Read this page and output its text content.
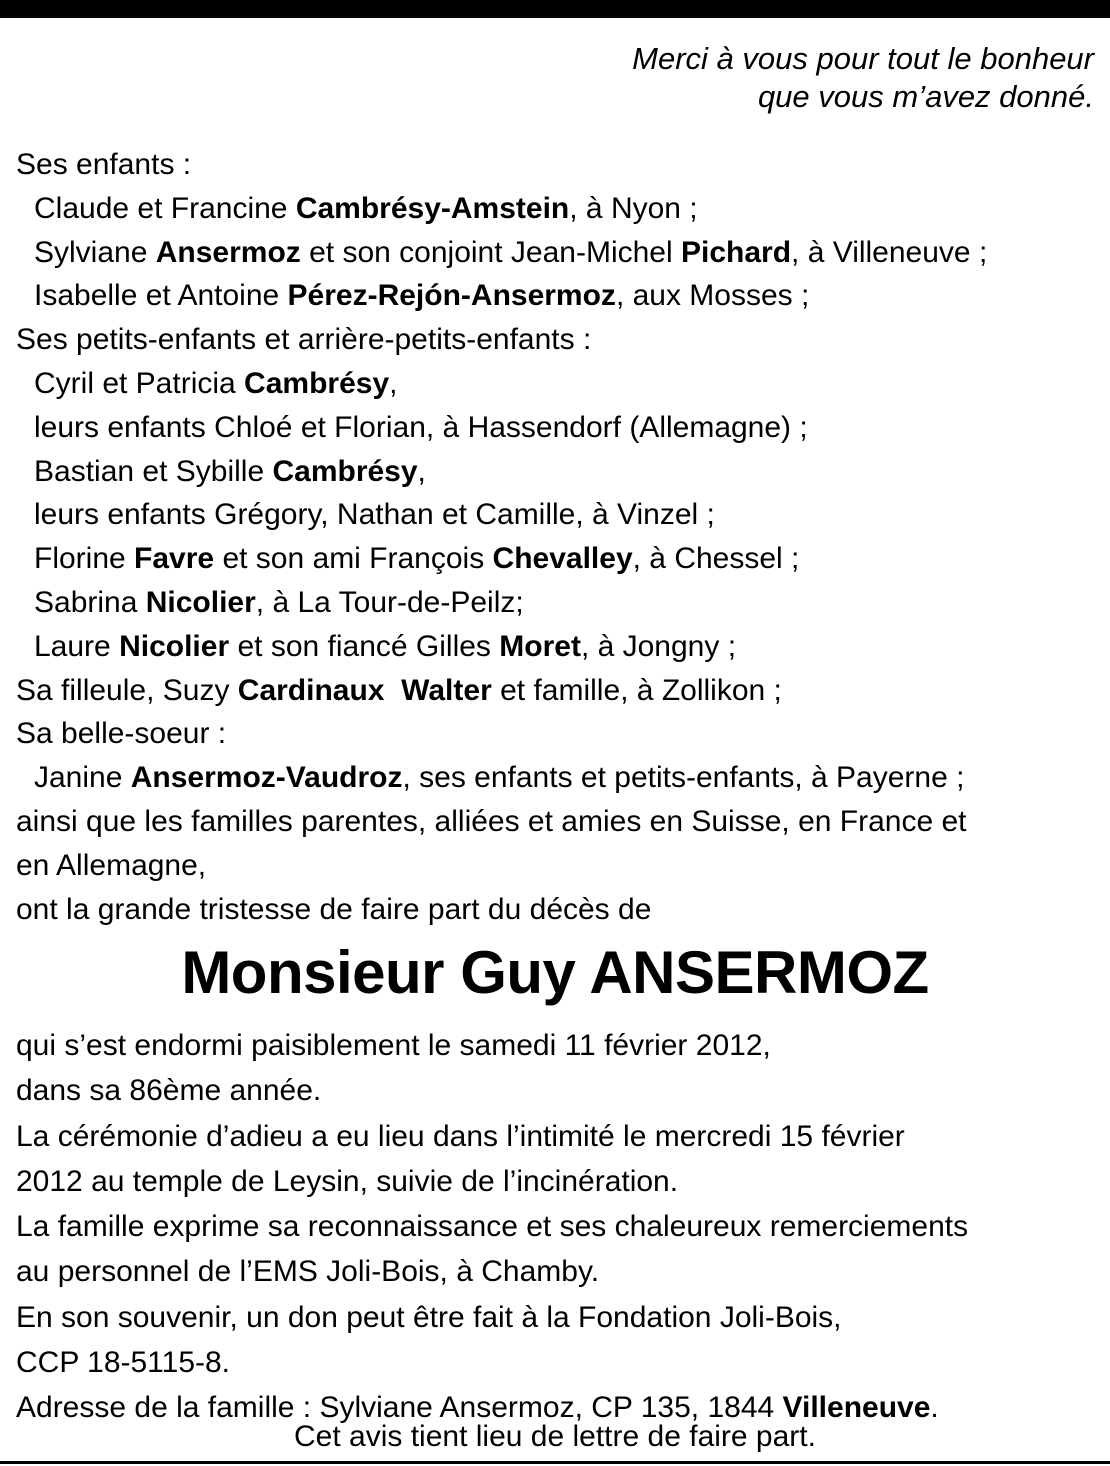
Merci à vous pour tout le bonheur
que vous m’avez donné.
Ses enfants :
Claude et Francine Cambrésy-Amstein, à Nyon ;
Sylviane Ansermoz et son conjoint Jean-Michel Pichard, à Villeneuve ;
Isabelle et Antoine Pérez-Rejón-Ansermoz, aux Mosses ;
Ses petits-enfants et arrière-petits-enfants :
Cyril et Patricia Cambrésy,
leurs enfants Chloé et Florian, à Hassendorf (Allemagne) ;
Bastian et Sybille Cambrésy,
leurs enfants Grégory, Nathan et Camille, à Vinzel ;
Florine Favre et son ami François Chevalley, à Chessel ;
Sabrina Nicolier, à La Tour-de-Peilz;
Laure Nicolier et son fiancé Gilles Moret, à Jongny ;
Sa filleule, Suzy Cardinaux Walter et famille, à Zollikon ;
Sa belle-soeur :
Janine Ansermoz-Vaudroz, ses enfants et petits-enfants, à Payerne ;
ainsi que les familles parentes, alliées et amies en Suisse, en France et
en Allemagne,
ont la grande tristesse de faire part du décès de
Monsieur Guy ANSERMOZ
qui s’est endormi paisiblement le samedi 11 février 2012,
dans sa 86ème année.
La cérémonie d’adieu a eu lieu dans l’intimité le mercredi 15 février
2012 au temple de Leysin, suivie de l’incinération.
La famille exprime sa reconnaissance et ses chaleureux remerciements
au personnel de l’EMS Joli-Bois, à Chamby.
En son souvenir, un don peut être fait à la Fondation Joli-Bois,
CCP 18-5115-8.
Adresse de la famille : Sylviane Ansermoz, CP 135, 1844 Villeneuve.
Cet avis tient lieu de lettre de faire part.
